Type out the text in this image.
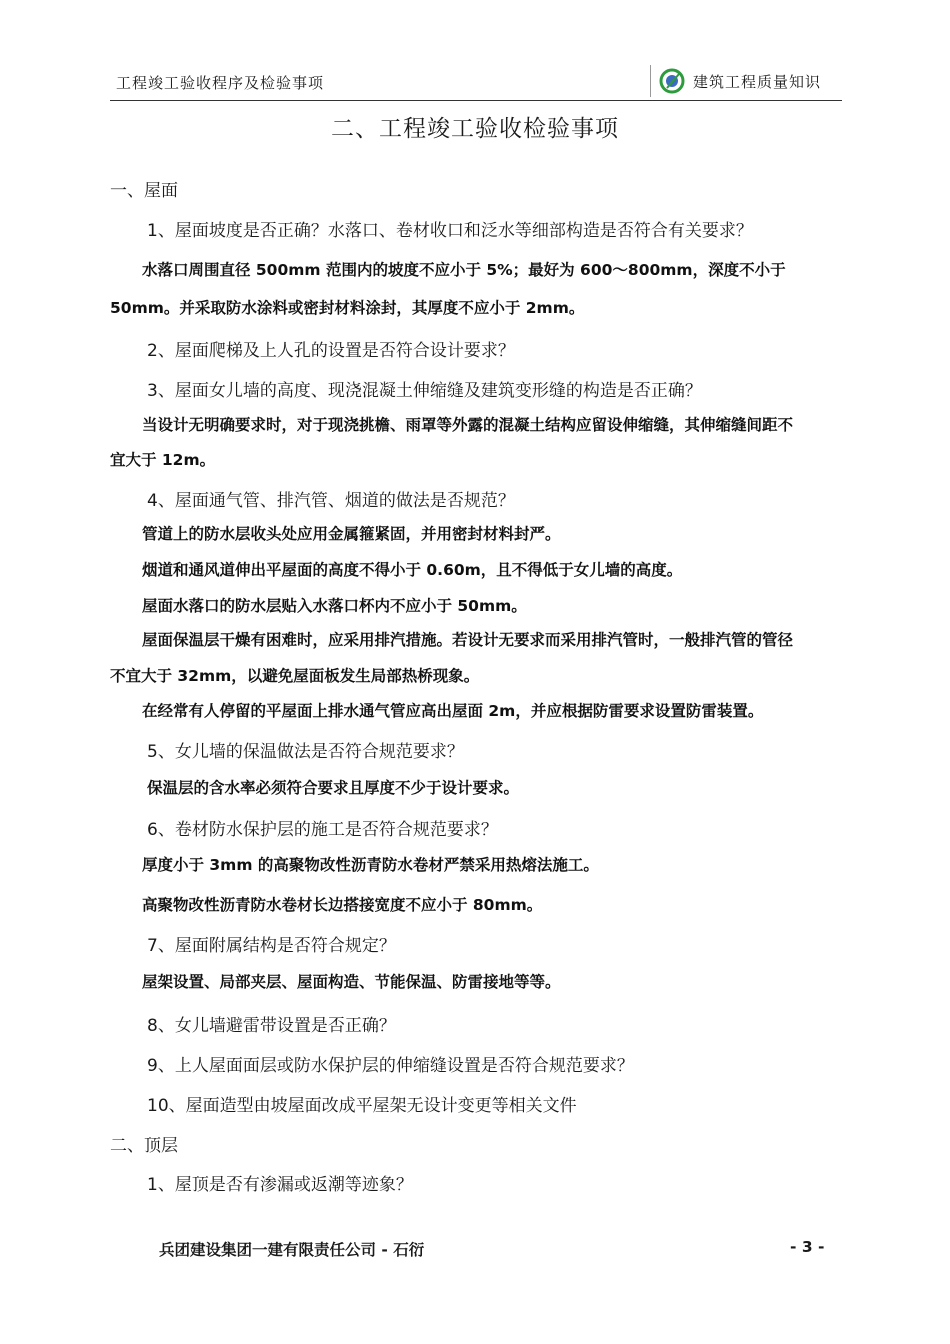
工程竣工验收程序及检验事项	建筑工程质量知识
二、工程竣工验收检验事项
一、屋面
1、屋面坡度是否正确？水落口、卷材收口和泛水等细部构造是否符合有关要求？
水落口周围直径 500mm 范围内的坡度不应小于 5%；最好为 600～800mm，深度不小于
50mm。并采取防水涂料或密封材料涂封，其厚度不应小于 2mm。
2、屋面爬梯及上人孔的设置是否符合设计要求？
3、屋面女儿墙的高度、现浇混凝土伸缩缝及建筑变形缝的构造是否正确？
当设计无明确要求时，对于现浇挑檐、雨罩等外露的混凝土结构应留设伸缩缝，其伸缩缝间距不
宜大于 12m。
4、屋面通气管、排汽管、烟道的做法是否规范？
管道上的防水层收头处应用金属箍紧固，并用密封材料封严。
烟道和通风道伸出平屋面的高度不得小于 0.60m，且不得低于女儿墙的高度。
屋面水落口的防水层贴入水落口杯内不应小于 50mm。
屋面保温层干燥有困难时，应采用排汽措施。若设计无要求而采用排汽管时，一般排汽管的管径
不宜大于 32mm，以避免屋面板发生局部热桥现象。
在经常有人停留的平屋面上排水通气管应高出屋面 2m，并应根据防雷要求设置防雷装置。
5、女儿墙的保温做法是否符合规范要求？
保温层的含水率必须符合要求且厚度不少于设计要求。
6、卷材防水保护层的施工是否符合规范要求？
厚度小于 3mm 的高聚物改性沥青防水卷材严禁采用热熔法施工。
高聚物改性沥青防水卷材长边搭接宽度不应小于 80mm。
7、屋面附属结构是否符合规定？
屋架设置、局部夹层、屋面构造、节能保温、防雷接地等等。
8、女儿墙避雷带设置是否正确？
9、上人屋面面层或防水保护层的伸缩缝设置是否符合规范要求？
10、屋面造型由坡屋面改成平屋架无设计变更等相关文件
二、顶层
1、屋顶是否有渗漏或返潮等迹象？
兵团建设集团一建有限责任公司 - 石衍	- 3 -
